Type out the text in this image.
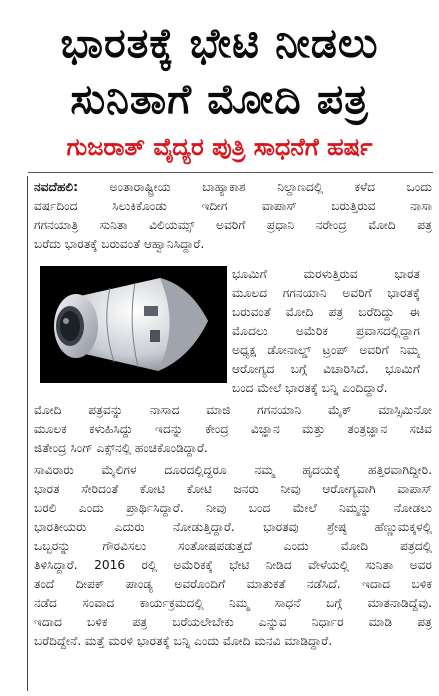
ಭಾರತಕ್ಕೆ ಭೇಟಿ ನೀಡಲು
ಸುನಿತಾಗೆ ಮೋದಿ ಪತ್ರ
ಗುಜರಾತ್ ವೈದ್ಯರ ಪುತ್ರಿ ಸಾಧನೆಗೆ ಹರ್ಷ
ನವದೆಹಲಿ:	ಅಂತಾರಾಷ್ಟ್ರೀಯ ಬಾಹ್ಯಾಕಾಶ ನಿಲ್ದಾಣದಲ್ಲಿ ಕಳೆದ ಒಂದು
ವರ್ಷದಿಂದ ಸಿಲುಕಿಕೊಂಡು ಇದೀಗ ವಾಪಾಸ್ ಬರುತ್ತಿರುವ ನಾಸಾ
ಗಗನಯಾತ್ರಿ ಸುನಿತಾ ವಿಲಿಯಮ್ಸ್ ಅವರಿಗೆ ಪ್ರಧಾನಿ ನರೇಂದ್ರ ಮೋದಿ ಪತ್ರ
ಬರೆದು ಭಾರತಕ್ಕೆ ಬರುವಂತೆ ಆಹ್ವಾನಿಸಿದ್ದಾರೆ.
ಭೂಮಿಗೆ ಮರಳುತ್ತಿರುವ ಭಾರತ
ಮೂಲದ ಗಗನಯಾನಿ ಅವರಿಗೆ ಭಾರತಕ್ಕೆ
ಬರುವಂತೆ ಮೋದಿ ಪತ್ರ ಬರೆದಿದ್ದು ಈ
ಮೊದಲು ಅಮೆರಿಕ ಪ್ರವಾಸದಲ್ಲಿದ್ದಾಗ
ಅಧ್ಯಕ್ಷ ಡೋನಾಲ್ಡ್ ಟ್ರಂಪ್ ಅವರಿಗೆ ನಿಮ್ಮ
ಆರೋಗ್ಯದ ಬಗ್ಗೆ ವಿಚಾರಿಸಿದೆ. ಭೂಮಿಗೆ
ಬಂದ ಮೇಲೆ ಭಾರತಕ್ಕೆ ಬನ್ನಿ ಎಂದಿದ್ದಾರೆ.
ಮೋದಿ ಪತ್ರವನ್ನು ನಾಸಾದ ಮಾಜಿ ಗಗನಯಾನಿ ಮೈಕ್ ಮಾಸ್ಸಿಮಿನೋ
ಮೂಲಕ ಕಳುಹಿಸಿದ್ದು ಇದನ್ನು ಕೇಂದ್ರ ವಿಜ್ಞಾನ ಮತ್ತು ತಂತ್ರಜ್ಞಾನ ಸಚಿವ
ಜಿತೇಂದ್ರ ಸಿಂಗ್ ಎಕ್ಸ್‌ನಲ್ಲಿ ಹಂಚಿಕೊಂಡಿದ್ದಾರೆ.
ಸಾವಿರಾರು ಮೈಲಿಗಳ ದೂರದಲ್ಲಿದ್ದರೂ ನಮ್ಮ ಹೃದಯಕ್ಕೆ ಹತ್ತಿರವಾಗಿದ್ದೀರಿ.
ಭಾರತ ಸೇರಿದಂತೆ ಕೋಟಿ ಕೋಟಿ ಜನರು ನೀವು ಆರೋಗ್ಯವಾಗಿ ವಾಪಾಸ್
ಬರಲಿ ಎಂದು ಪ್ರಾರ್ಥಿಸಿದ್ದಾರೆ. ನೀವು ಬಂದ ಮೇಲೆ ನಿಮ್ಮನ್ನು ನೋಡಲು
ಭಾರತೀಯರು ಎದುರು ನೋಡುತ್ತಿದ್ದಾರೆ. ಭಾರತವು ಶ್ರೇಷ್ಠ ಹೆಣ್ಣುಮಕ್ಕಳಲ್ಲಿ
ಒಬ್ಬರನ್ನು ಗೌರವಿಸಲು ಸಂತೋಷಪಡುತ್ತದೆ ಎಂದು ಮೋದಿ ಪತ್ರದಲ್ಲಿ
ತಿಳಿಸಿದ್ದಾರೆ. 2016 ರಲ್ಲಿ ಅಮೆರಿಕಕ್ಕೆ ಭೇಟಿ ನೀಡಿದ ವೇಳೆಯಲ್ಲಿ ಸುನಿತಾ ಅವರ
ತಂದೆ ದೀಪಕ್ ಪಾಂಡ್ಯ ಅವರೊಂದಿಗೆ ಮಾತುಕತೆ ನಡೆಸಿದೆ. ಇದಾದ ಬಳಿಕ
ನಡೆದ ಸಂವಾದ ಕಾರ್ಯಕ್ರಮದಲ್ಲಿ ನಿಮ್ಮ ಸಾಧನೆ ಬಗ್ಗೆ ಮಾತನಾಡಿದ್ದೆವು.
ಇದಾದ ಬಳಿಕ ಪತ್ರ ಬರೆಯಲೇಬೇಕು ಎನ್ನುವ ನಿರ್ಧಾರ ಮಾಡಿ ಪತ್ರ
ಬರೆದಿದ್ದೇನೆ. ಮತ್ತೆ ಮರಳಿ ಭಾರತಕ್ಕೆ ಬನ್ನಿ ಎಂದು ಮೋದಿ ಮನವಿ ಮಾಡಿದ್ದಾರೆ.
